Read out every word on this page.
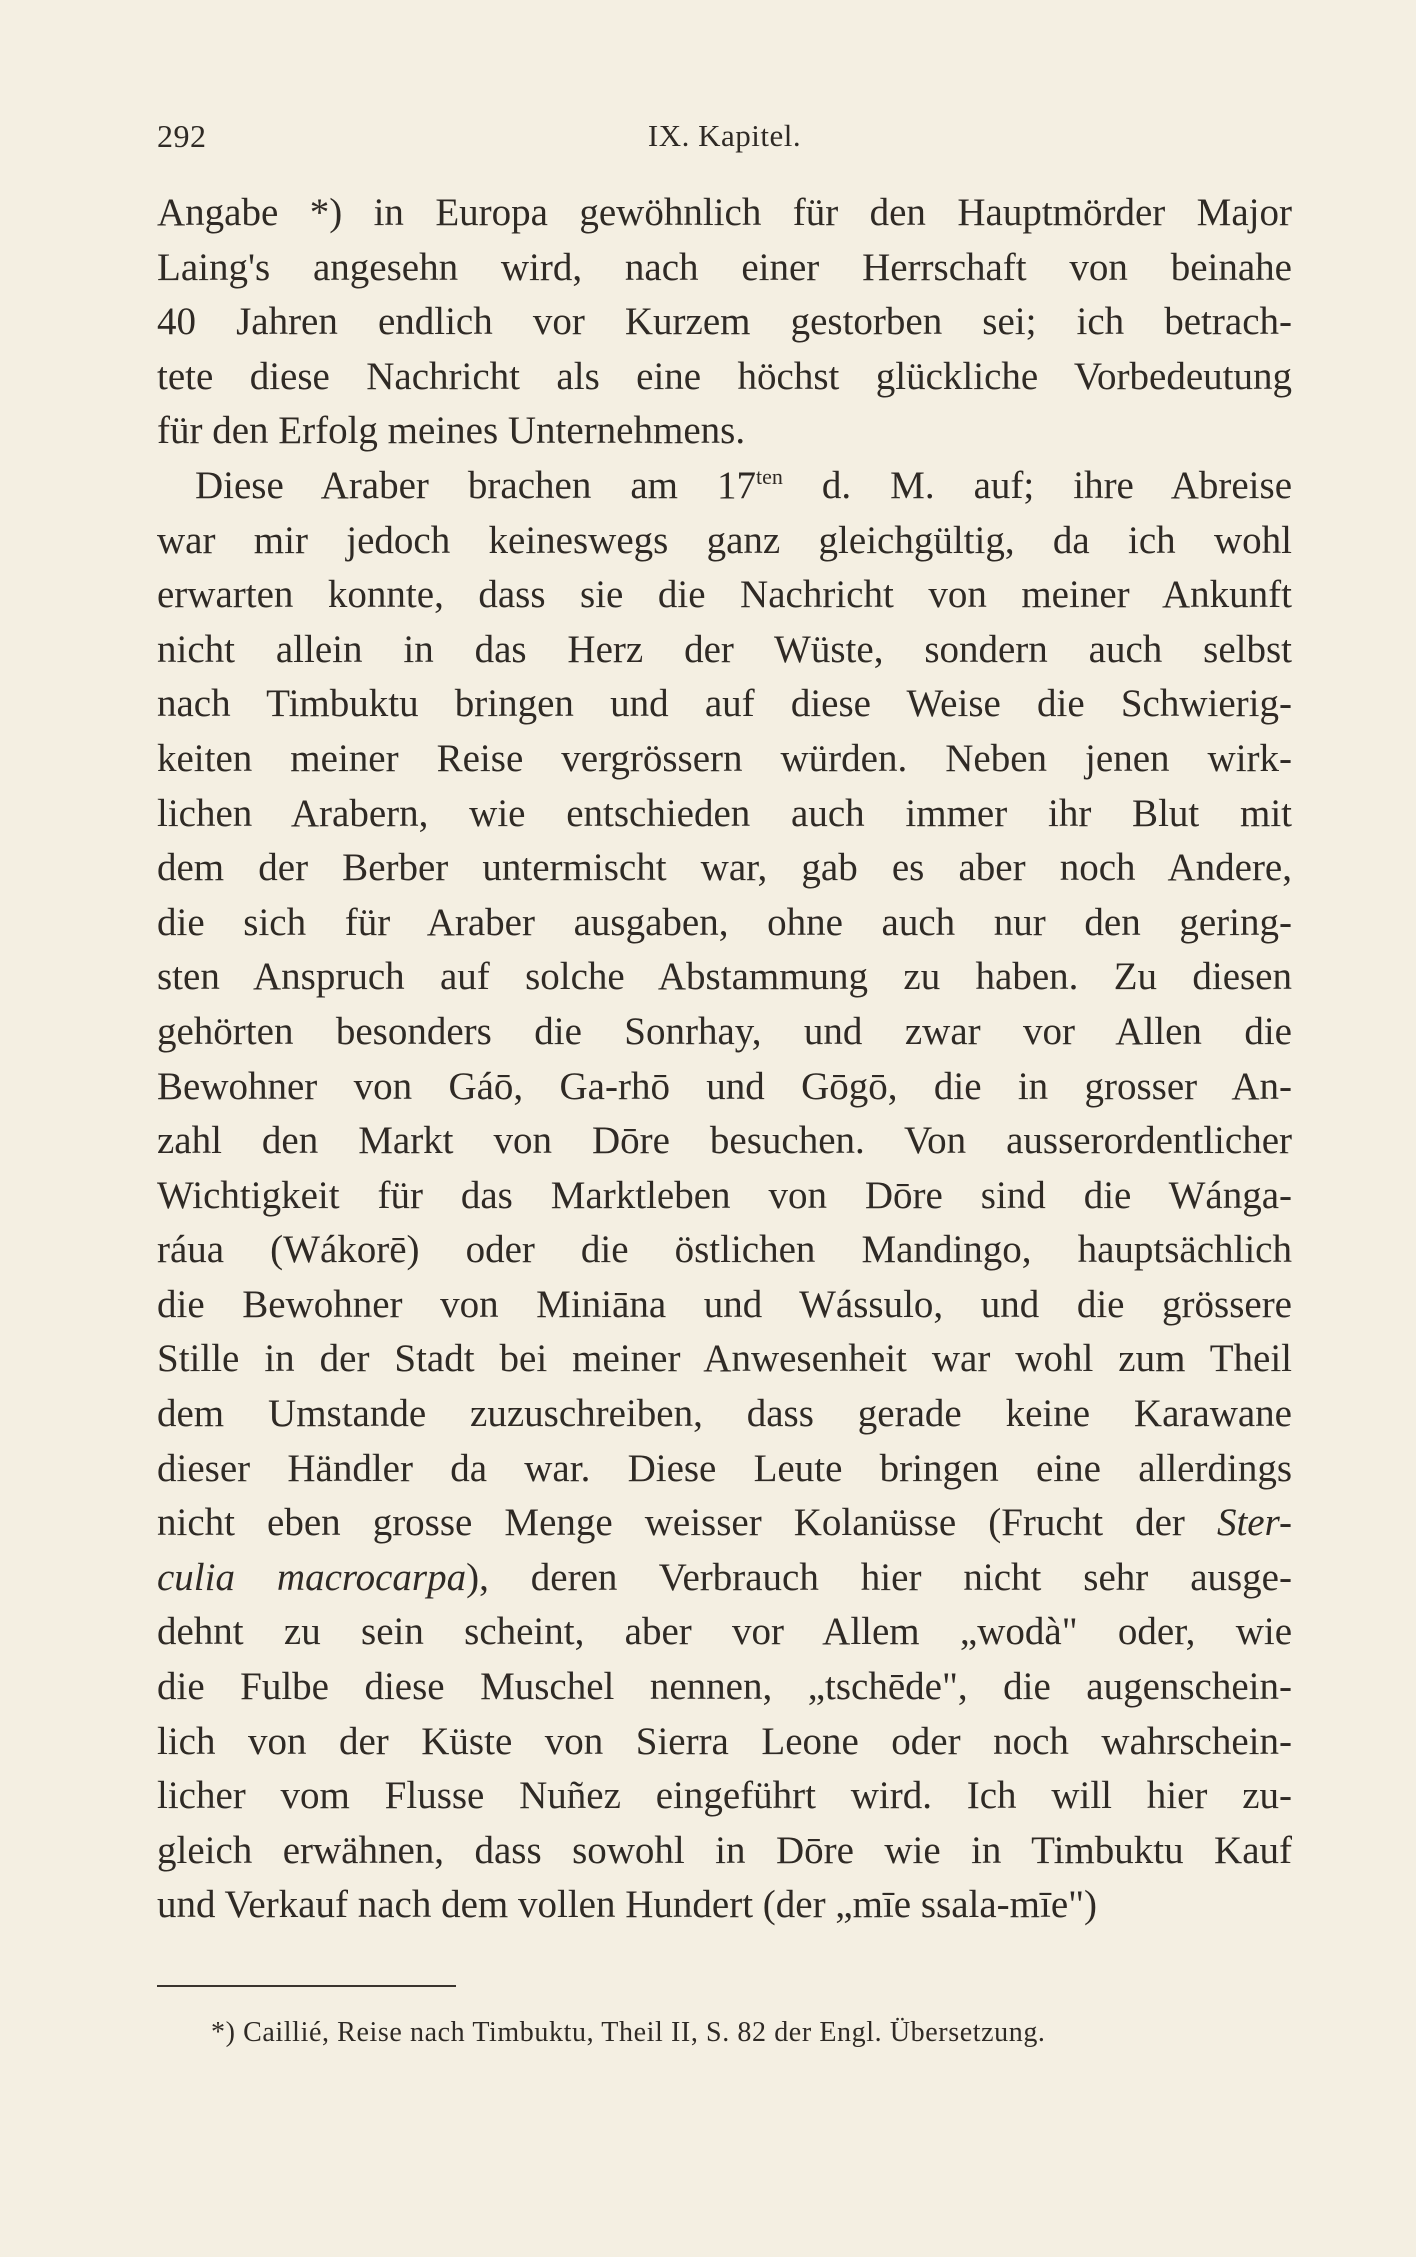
292	IX. Kapitel.
Angabe *) in Europa gewöhnlich für den Hauptmörder Major
Laing's angesehn wird, nach einer Herrschaft von beinahe
40 Jahren endlich vor Kurzem gestorben sei; ich betrach-
tete diese Nachricht als eine höchst glückliche Vorbedeutung
für den Erfolg meines Unternehmens.
Diese Araber brachen am $17^{ten}$ d. M. auf; ihre Abreise
war mir jedoch keineswegs ganz gleichgültig, da ich wohl
erwarten konnte, dass sie die Nachricht von meiner Ankunft
nicht allein in das Herz der Wüste, sondern auch selbst
nach Timbuktu bringen und auf diese Weise die Schwierig-
keiten meiner Reise vergrössern würden. Neben jenen wirk-
lichen Arabern, wie entschieden auch immer ihr Blut mit
dem der Berber untermischt war, gab es aber noch Andere,
die sich für Araber ausgaben, ohne auch nur den gering-
sten Anspruch auf solche Abstammung zu haben. Zu diesen
gehörten besonders die Sonrhay, und zwar vor Allen die
Bewohner von Gáō, Ga-rhō und Gōgō, die in grosser An-
zahl den Markt von Dōre besuchen. Von ausserordentlicher
Wichtigkeit für das Marktleben von Dōre sind die Wánga-
ráua (Wákorē) oder die östlichen Mandingo, hauptsächlich
die Bewohner von Miniāna und Wássulo, und die grössere
Stille in der Stadt bei meiner Anwesenheit war wohl zum Theil
dem Umstande zuzuschreiben, dass gerade keine Karawane
dieser Händler da war. Diese Leute bringen eine allerdings
nicht eben grosse Menge weisser Kolanüsse (Frucht der Ster-
culia macrocarpa), deren Verbrauch hier nicht sehr ausge-
dehnt zu sein scheint, aber vor Allem „wodà" oder, wie
die Fulbe diese Muschel nennen, „tschēde", die augenschein-
lich von der Küste von Sierra Leone oder noch wahrschein-
licher vom Flusse Nuñez eingeführt wird. Ich will hier zu-
gleich erwähnen, dass sowohl in Dōre wie in Timbuktu Kauf
und Verkauf nach dem vollen Hundert (der „mīe ssala-mīe")
*) Caillié, Reise nach Timbuktu, Theil II, S. 82 der Engl. Übersetzung.
